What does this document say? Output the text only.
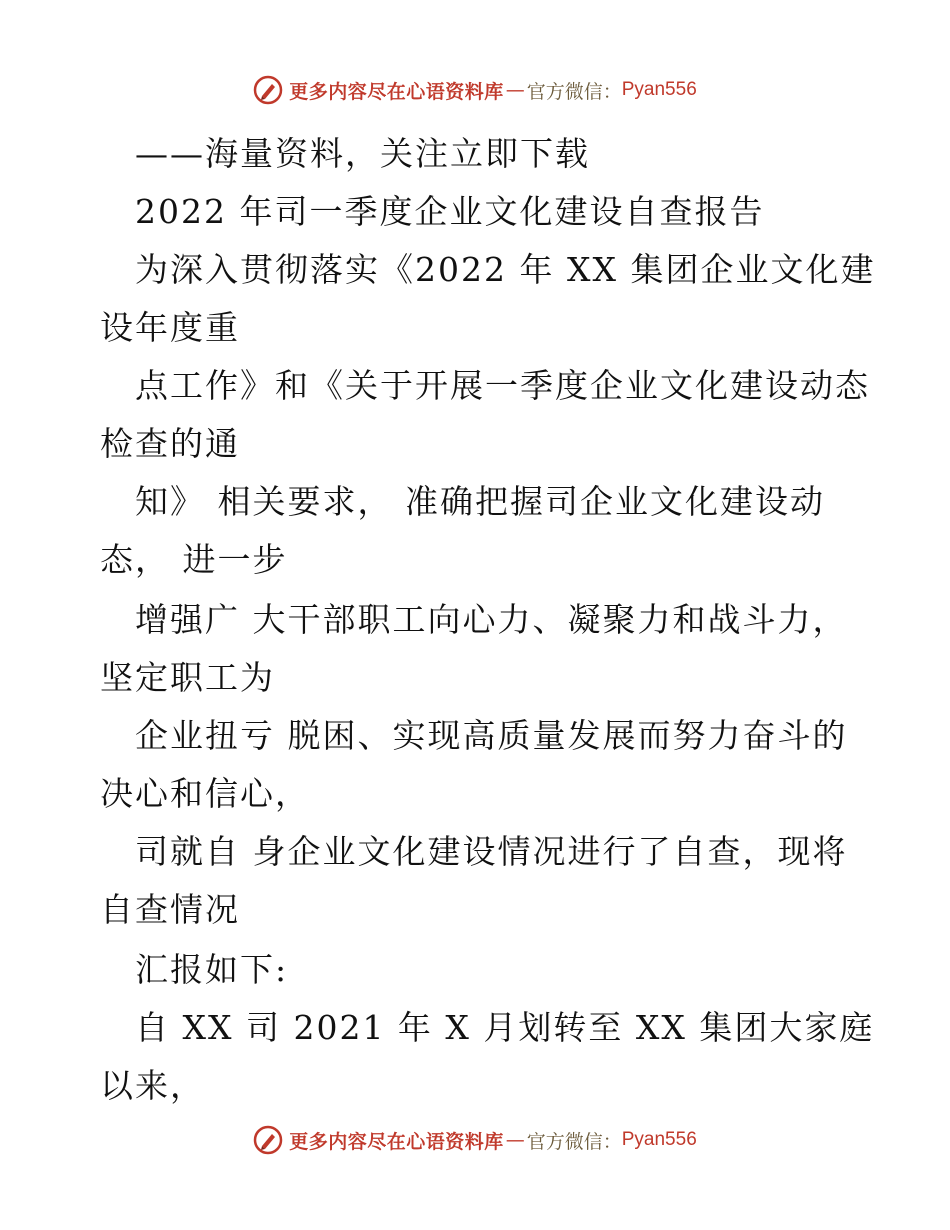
更多内容尽在心语资料库 — 官方微信： Pyan556
——海量资料，关注立即下载
2022 年司一季度企业文化建设自查报告
为深入贯彻落实《2022 年 XX 集团企业文化建
设年度重
点工作》和《关于开展一季度企业文化建设动态
检查的通
知》 相关要求， 准确把握司企业文化建设动
态， 进一步
增强广 大干部职工向心力、凝聚力和战斗力，
坚定职工为
企业扭亏 脱困、实现高质量发展而努力奋斗的
决心和信心，
司就自 身企业文化建设情况进行了自查，现将
自查情况
汇报如下:
自 XX 司 2021 年 X 月划转至 XX 集团大家庭
以来，
更多内容尽在心语资料库 — 官方微信： Pyan556
